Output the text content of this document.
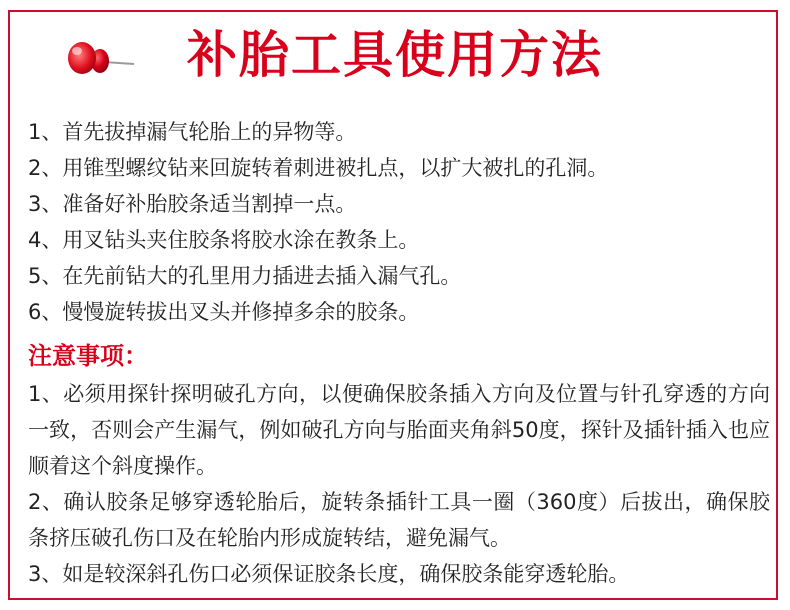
补胎工具使用方法
1、首先拔掉漏气轮胎上的异物等。
2、用锥型螺纹钻来回旋转着刺进被扎点，以扩大被扎的孔洞。
3、准备好补胎胶条适当割掉一点。
4、用叉钻头夹住胶条将胶水涂在教条上。
5、在先前钻大的孔里用力插进去插入漏气孔。
6、慢慢旋转拔出叉头并修掉多余的胶条。
注意事项：
1、必须用探针探明破孔方向，以便确保胶条插入方向及位置与针孔穿透的方向一致，否则会产生漏气，例如破孔方向与胎面夹角斜50度，探针及插针插入也应顺着这个斜度操作。
2、确认胶条足够穿透轮胎后，旋转条插针工具一圈（360度）后拔出，确保胶条挤压破孔伤口及在轮胎内形成旋转结，避免漏气。
3、如是较深斜孔伤口必须保证胶条长度，确保胶条能穿透轮胎。
